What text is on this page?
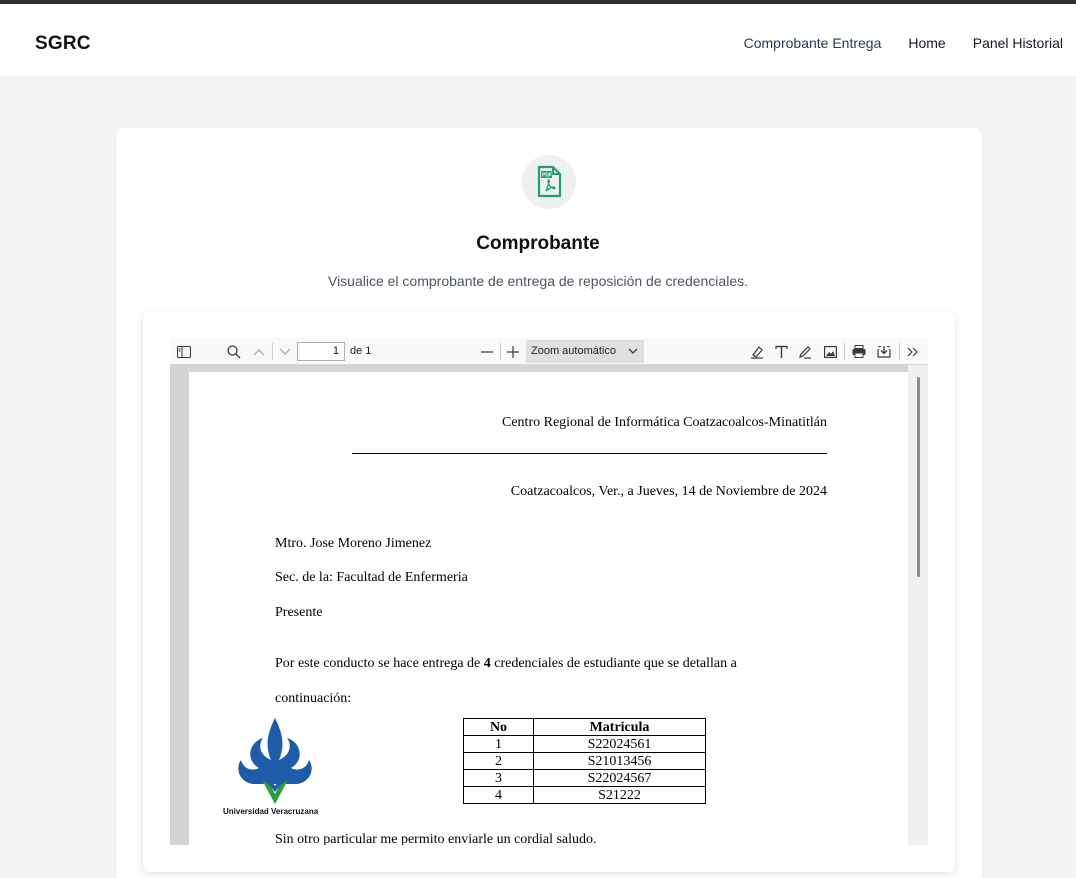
SGRC	Comprobante Entrega Home Panel Historial
PDF
Comprobante
Visualice el comprobante de entrega de reposición de credenciales.
1	de 1	Zoom automático
Centro Regional de Informática Coatzacoalcos-Minatitlán
Coatzacoalcos, Ver., a Jueves, 14 de Noviembre de 2024
Mtro. Jose Moreno Jimenez
Sec. de la: Facultad de Enfermeria
Presente
Por este conducto se hace entrega de 4 credenciales de estudiante que se detallan a
continuación:
Universidad Veracruzana
No	Matricula
1	S22024561
2	S21013456
3	S22024567
4	S21222
Sin otro particular me permito enviarle un cordial saludo.
